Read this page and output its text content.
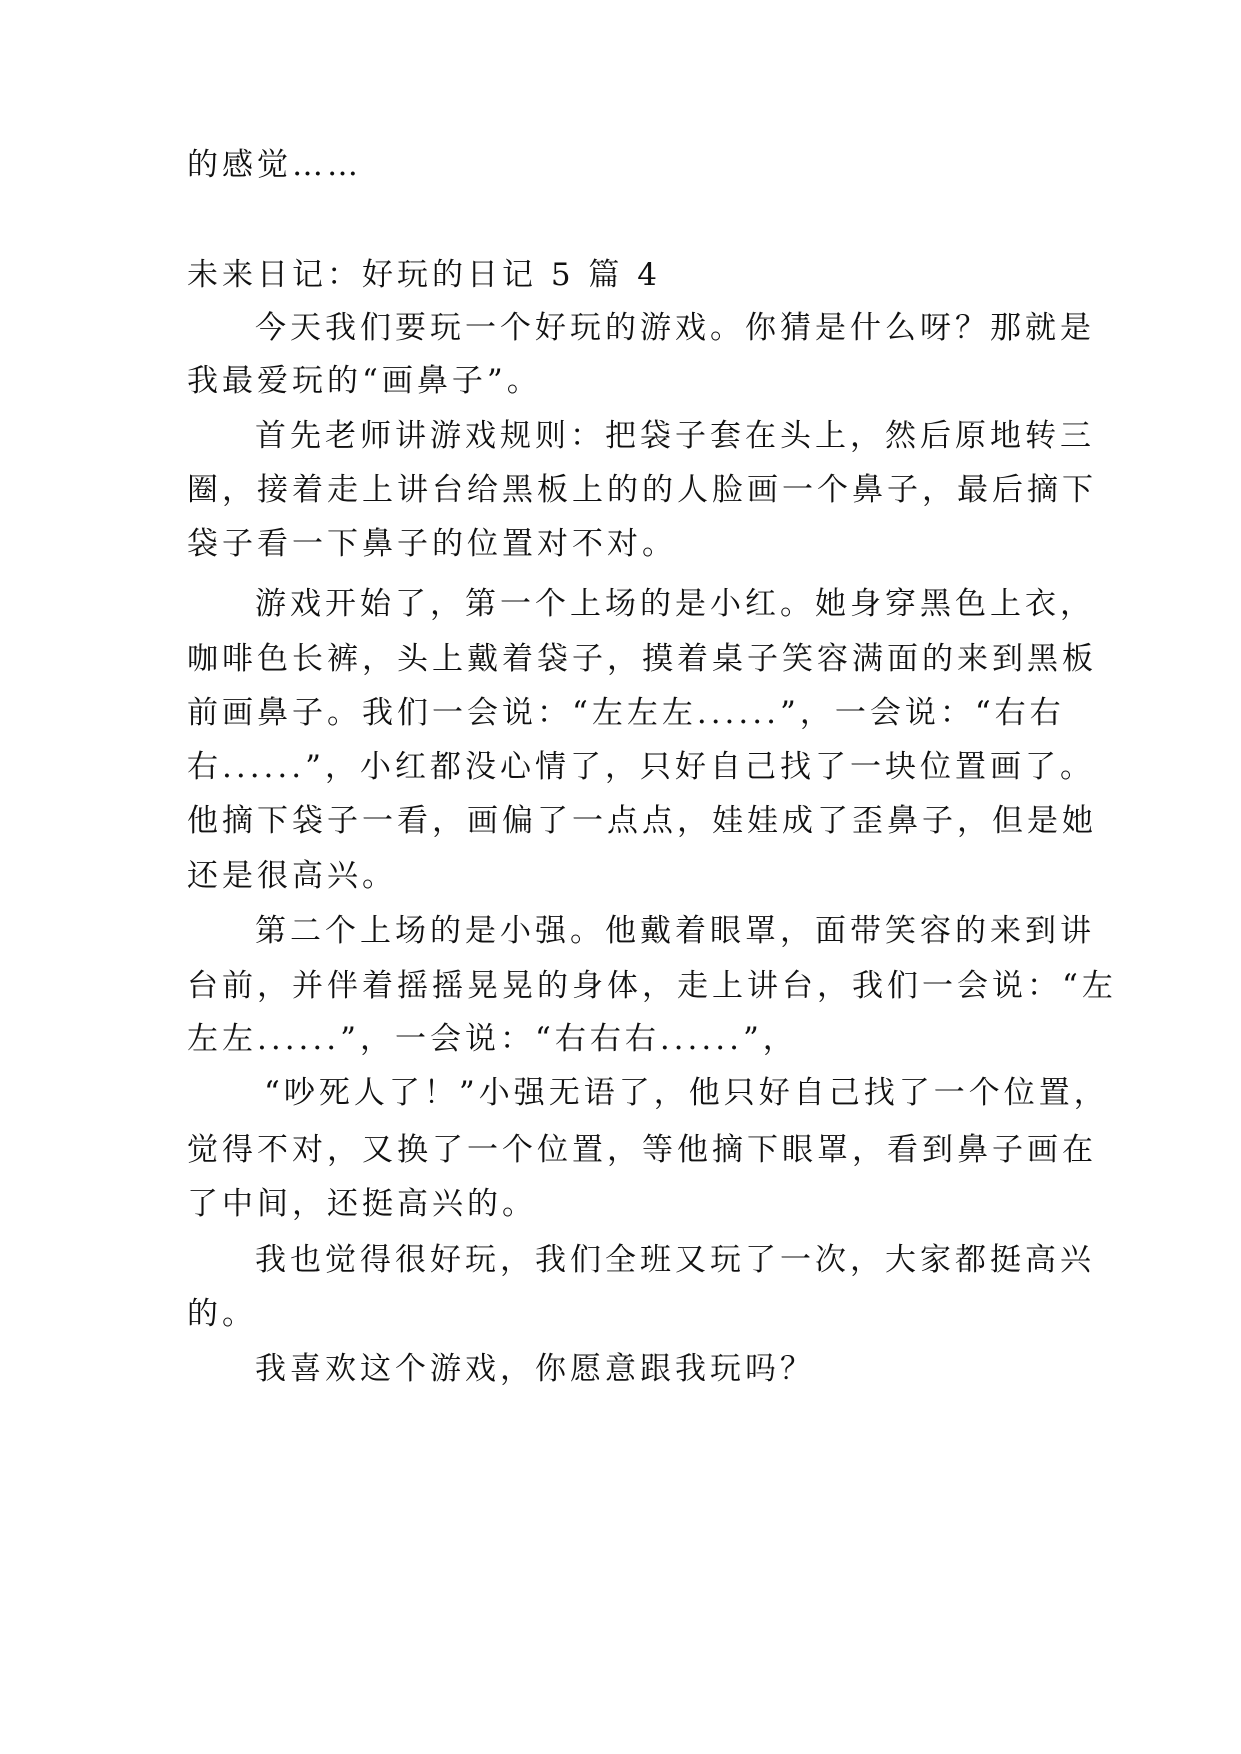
的感觉……
未来日记：好玩的日记 5 篇 4
今天我们要玩一个好玩的游戏。你猜是什么呀？那就是
我最爱玩的“画鼻子”。
首先老师讲游戏规则：把袋子套在头上，然后原地转三
圈，接着走上讲台给黑板上的的人脸画一个鼻子，最后摘下
袋子看一下鼻子的位置对不对。
游戏开始了，第一个上场的是小红。她身穿黑色上衣，
咖啡色长裤，头上戴着袋子，摸着桌子笑容满面的来到黑板
前画鼻子。我们一会说：“左左左......”，一会说：“右右
右......”，小红都没心情了，只好自己找了一块位置画了。
他摘下袋子一看，画偏了一点点，娃娃成了歪鼻子，但是她
还是很高兴。
第二个上场的是小强。他戴着眼罩，面带笑容的来到讲
台前，并伴着摇摇晃晃的身体，走上讲台，我们一会说：“左
左左......”，一会说：“右右右......”，
“吵死人了！”小强无语了，他只好自己找了一个位置，
觉得不对，又换了一个位置，等他摘下眼罩，看到鼻子画在
了中间，还挺高兴的。
我也觉得很好玩，我们全班又玩了一次，大家都挺高兴
的。
我喜欢这个游戏，你愿意跟我玩吗？
